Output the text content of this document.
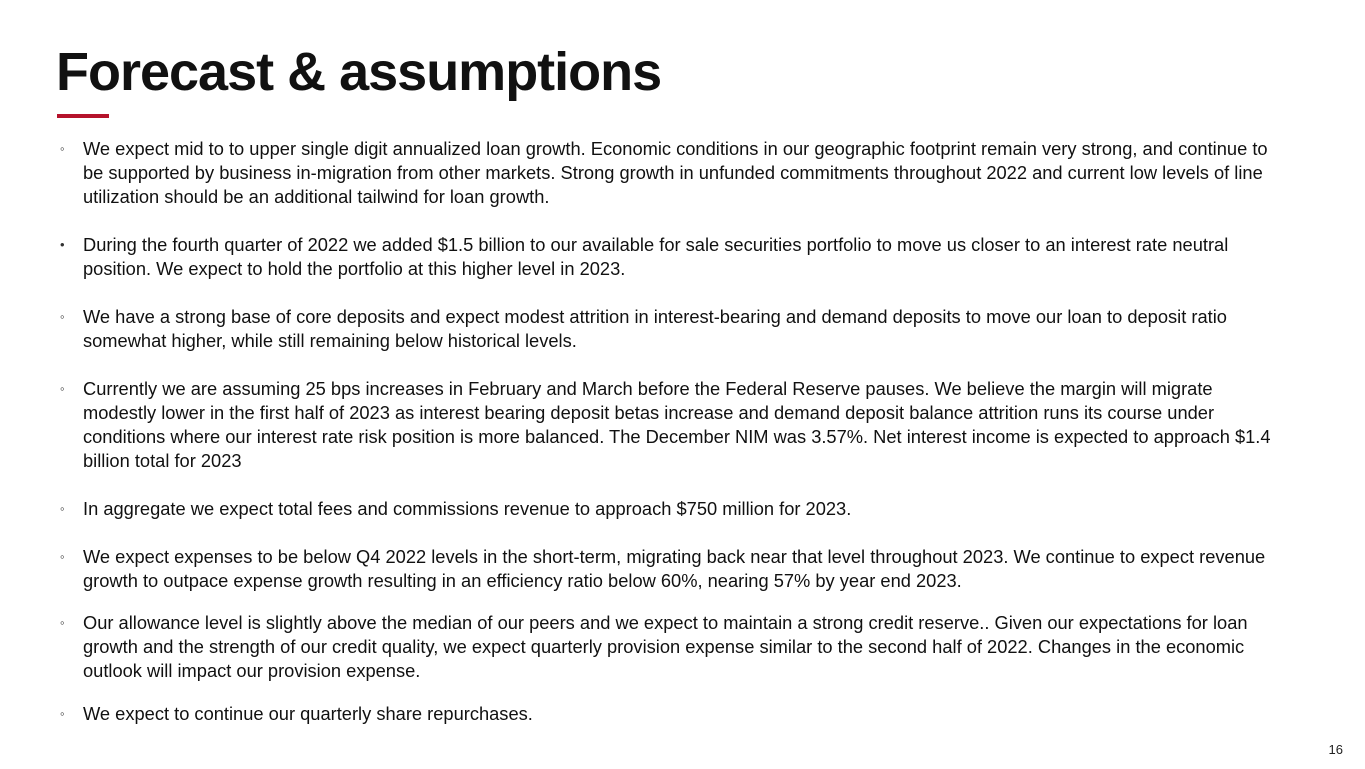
Forecast & assumptions
◦	We expect mid to to upper single digit annualized loan growth. Economic conditions in our geographic footprint remain very strong, and continue to be supported by business in-migration from other markets. Strong growth in unfunded commitments throughout 2022 and current low levels of line utilization should be an additional tailwind for loan growth.
•	During the fourth quarter of 2022 we added $1.5 billion to our available for sale securities portfolio to move us closer to an interest rate neutral position. We expect to hold the portfolio at this higher level in 2023.
◦	We have a strong base of core deposits and expect modest attrition in interest-bearing and demand deposits to move our loan to deposit ratio somewhat higher, while still remaining below historical levels.
◦	Currently we are assuming 25 bps increases in February and March before the Federal Reserve pauses. We believe the margin will migrate modestly lower in the first half of 2023 as interest bearing deposit betas increase and demand deposit balance attrition runs its course under conditions where our interest rate risk position is more balanced. The December NIM was 3.57%. Net interest income is expected to approach $1.4 billion total for 2023
◦	In aggregate we expect total fees and commissions revenue to approach $750 million for 2023.
◦	We expect expenses to be below Q4 2022 levels in the short-term, migrating back near that level throughout 2023. We continue to expect revenue growth to outpace expense growth resulting in an efficiency ratio below 60%, nearing 57% by year end 2023.
◦	Our allowance level is slightly above the median of our peers and we expect to maintain a strong credit reserve.. Given our expectations for loan growth and the strength of our credit quality, we expect quarterly provision expense similar to the second half of 2022. Changes in the economic outlook will impact our provision expense.
◦	We expect to continue our quarterly share repurchases.
16
